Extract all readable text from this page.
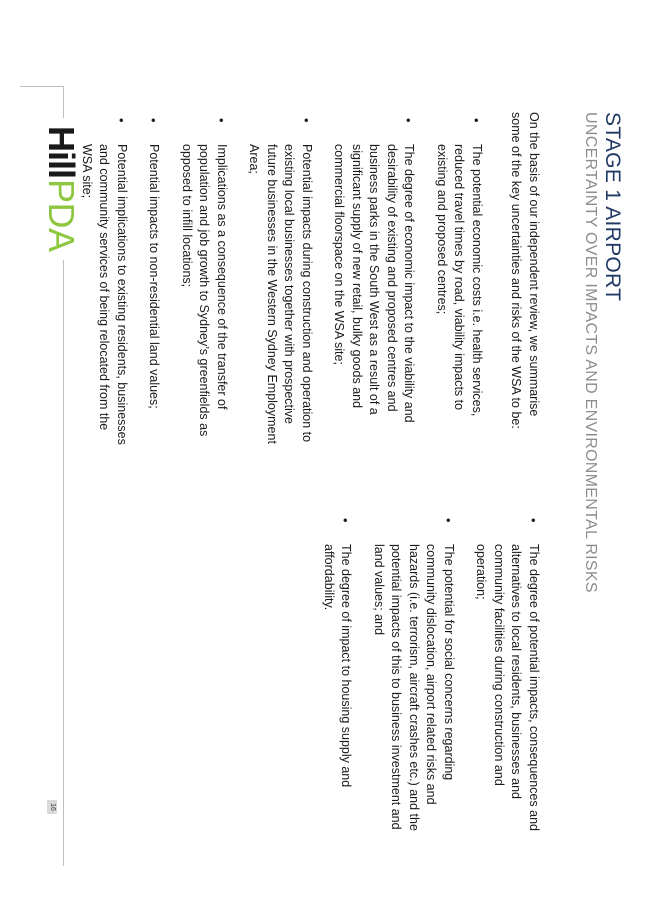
STAGE 1 AIRPORT
UNCERTAINTY OVER IMPACTS AND ENVIRONMENTAL RISKS

On the basis of our independent review, we summarise some of the key uncertainties and risks of the WSA to be:

• The potential economic costs i.e. health services, reduced travel times by road, viability impacts to existing and proposed centres;
• The degree of economic impact to the viability and desirability of existing and proposed centres and business parks in the South West as a result of a significant supply of new retail, bulky goods and commercial floorspace on the WSA site;
• Potential impacts during construction and operation to existing local businesses together with prospective future businesses in the Western Sydney Employment Area;
• Implications as a consequence of the transfer of population and job growth to Sydney’s greenfields as opposed to infill locations;
• Potential impacts to non-residential land values;
• Potential implications to existing residents, businesses and community services of being relocated from the WSA site;
• The degree of potential impacts, consequences and alternatives to local residents, businesses and community facilities during construction and operation;
• The potential for social concerns regarding community dislocation, airport related risks and hazards (i.e. terrorism, aircraft crashes etc.) and the potential impacts of this to business investment and land values; and
• The degree of impact to housing supply and affordability.
Hill
PDA
16
